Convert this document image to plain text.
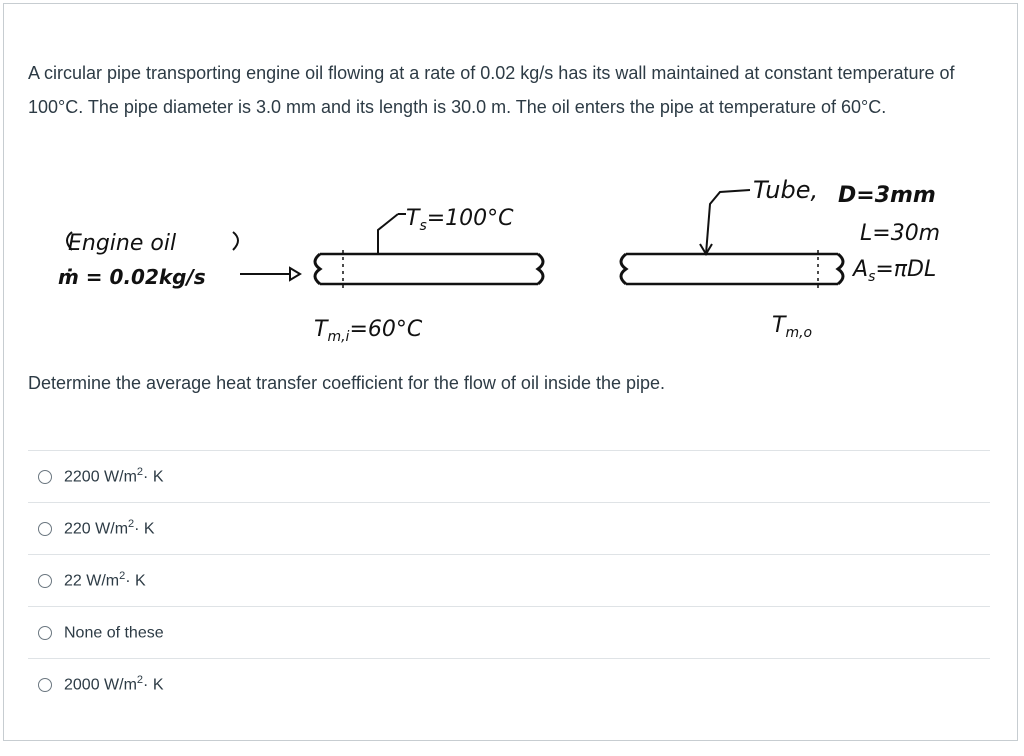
A circular pipe transporting engine oil flowing at a rate of 0.02 kg/s has its wall maintained at constant temperature of 100°C. The pipe diameter is 3.0 mm and its length is 30.0 m. The oil enters the pipe at temperature of 60°C.
Engine oil
ṁ = 0.02kg/s
$T_s=100^\circ C$
$T_{m,i}=60^\circ C$
Tube, D=3mm
L=30m
$A_s=\pi DL$
$T_{m,o}$
Determine the average heat transfer coefficient for the flow of oil inside the pipe.
2200 $W/m^2\cdot K$
220 $W/m^2\cdot K$
22 $W/m^2\cdot K$
None of these
2000 $W/m^2\cdot K$
